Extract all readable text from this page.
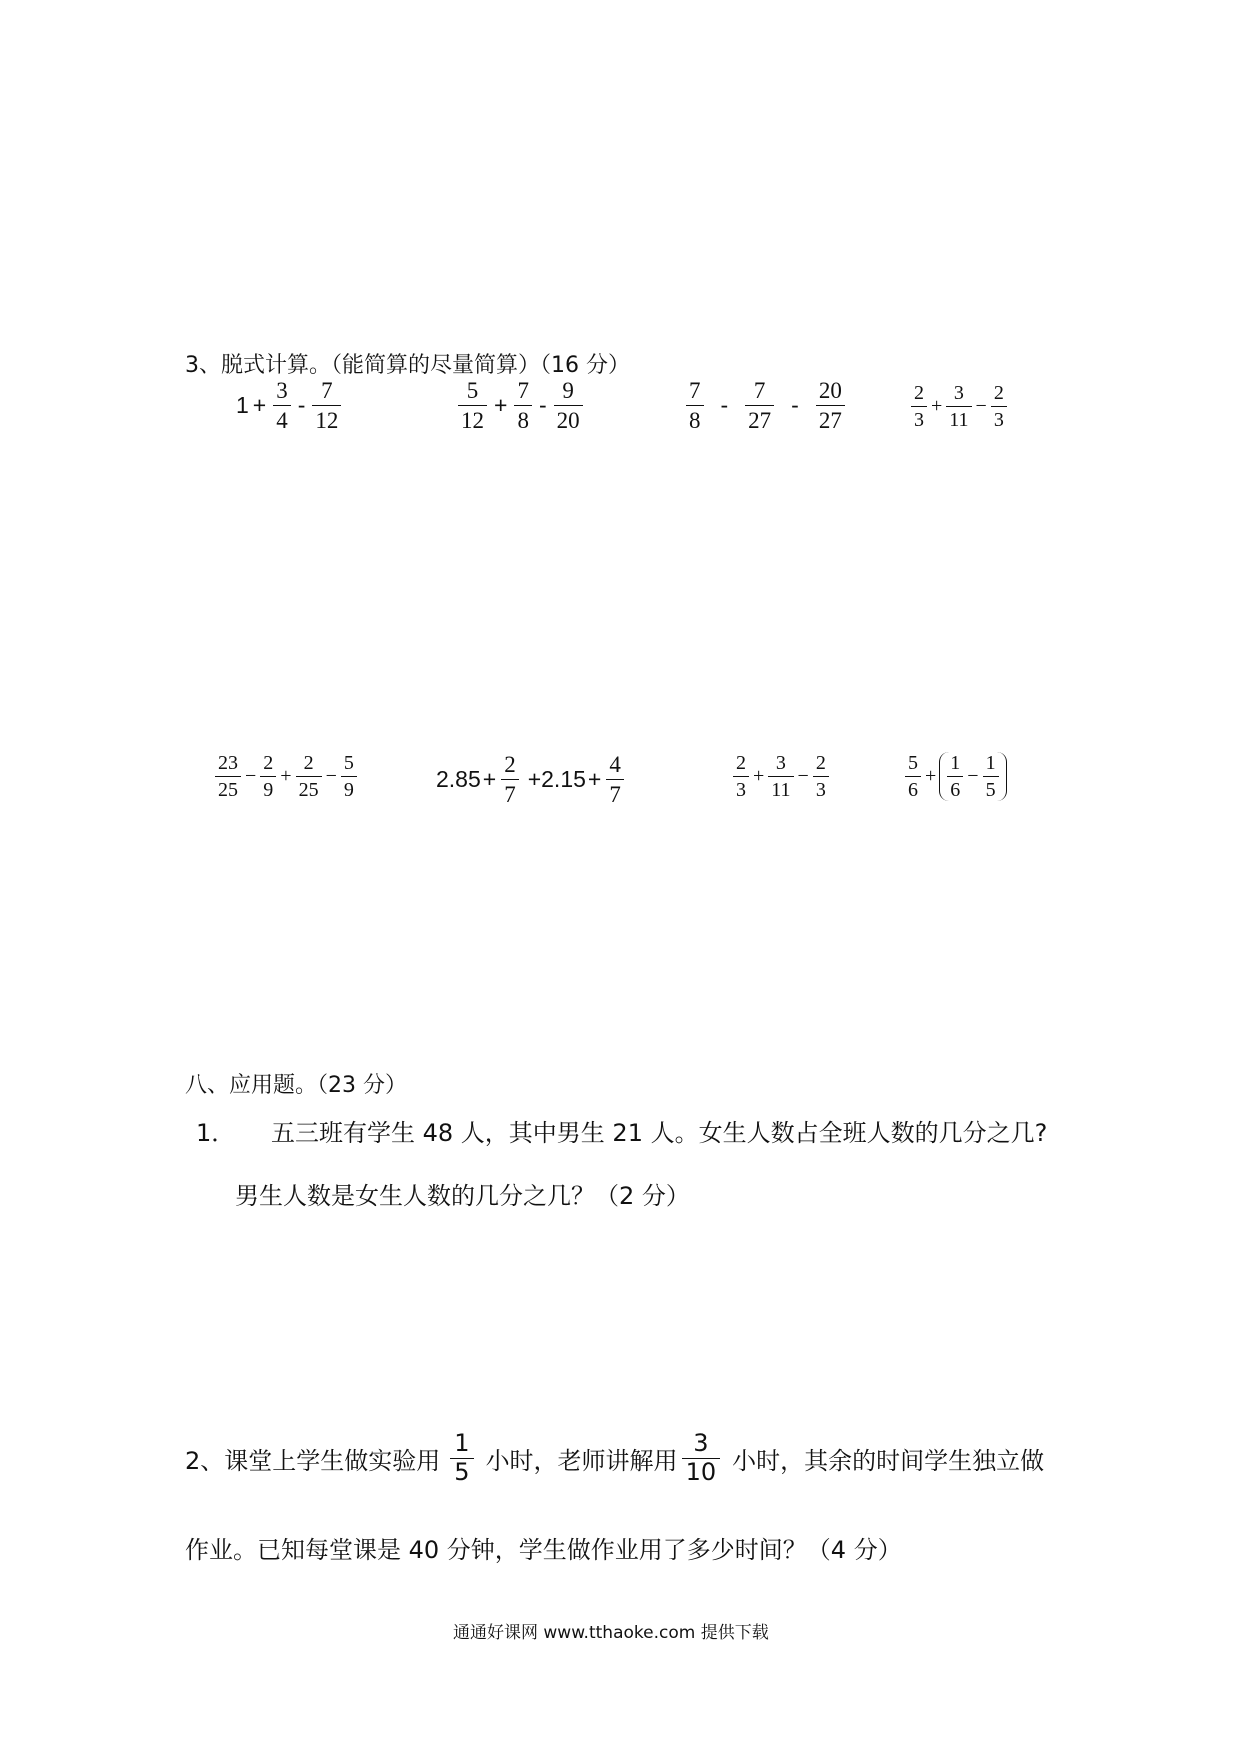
3、脱式计算。（能简算的尽量简算）（16 分）
$1 + \frac{3}{4} - \frac{7}{12}$	$\frac{5}{12} + \frac{7}{8} - \frac{9}{20}$	$\frac{7}{8} - \frac{7}{27} - \frac{20}{27}$	$\frac{2}{3} + \frac{3}{11} - \frac{2}{3}$
$\frac{23}{25} - \frac{2}{9} + \frac{2}{25} - \frac{5}{9}$	$2.85 + \frac{2}{7} +2.15 + \frac{4}{7}$	$\frac{2}{3} + \frac{3}{11} - \frac{2}{3}$	$\frac{5}{6} + \frac{1}{6} - \frac{1}{5}$
八、应用题。（23 分）
1． 五三班有学生 48 人，其中男生 21 人。女生人数占全班人数的几分之几?
男生人数是女生人数的几分之几？（2 分）
2、课堂上学生做实验用 $\frac{1}{5}$ 小时，老师讲解用 $\frac{3}{10}$ 小时，其余的时间学生独立做
作业。已知每堂课是 40 分钟，学生做作业用了多少时间？（4 分）
通通好课网 www.tthaoke.com 提供下载
